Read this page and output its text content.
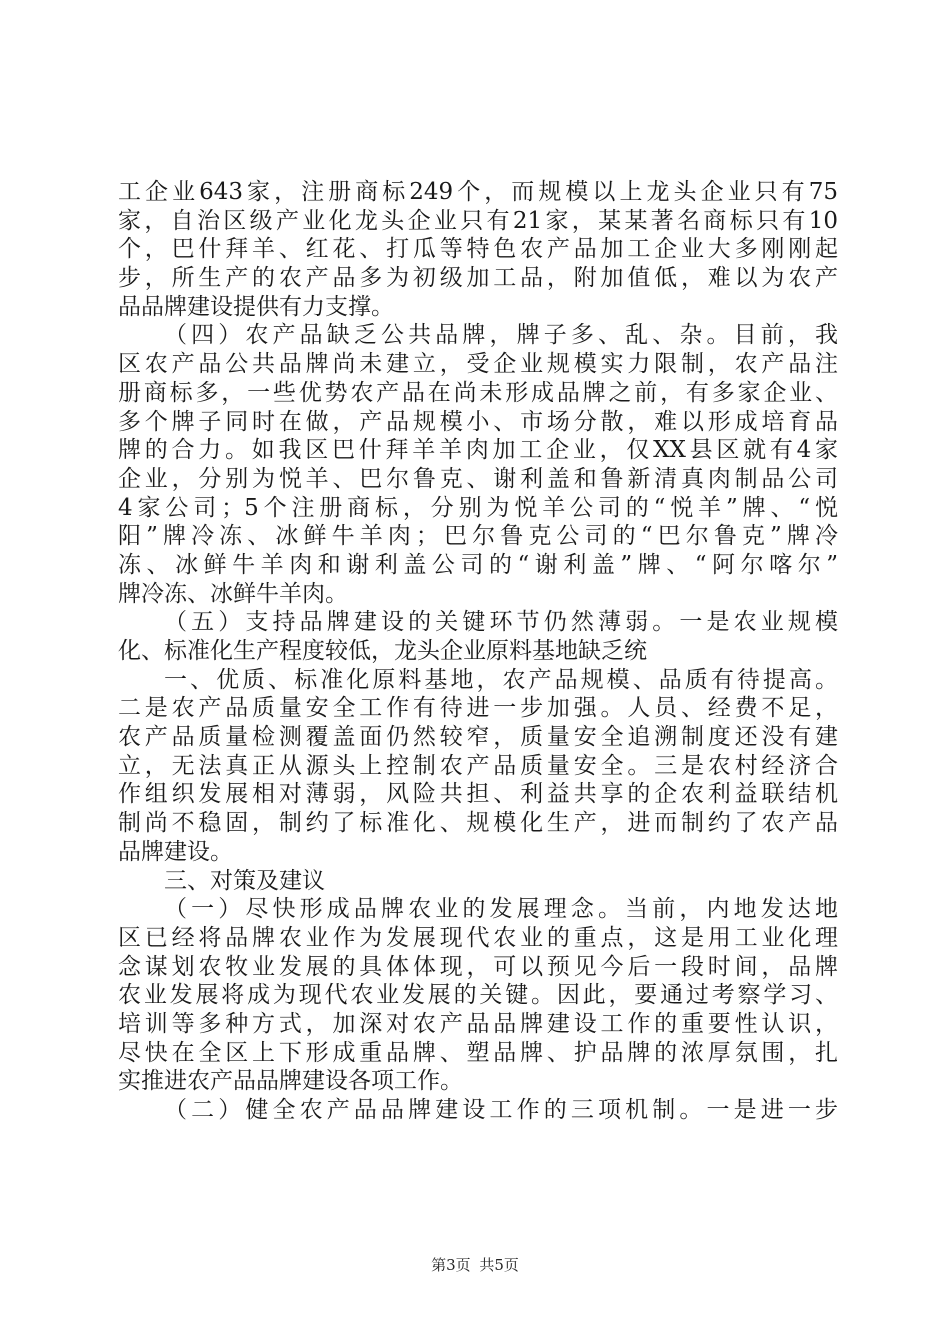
工企业643家，注册商标249个，而规模以上龙头企业只有75
家，自治区级产业化龙头企业只有21家，某某著名商标只有10
个，巴什拜羊、红花、打瓜等特色农产品加工企业大多刚刚起
步，所生产的农产品多为初级加工品，附加值低，难以为农产
品品牌建设提供有力支撑。
（四）农产品缺乏公共品牌，牌子多、乱、杂。目前，我
区农产品公共品牌尚未建立，受企业规模实力限制，农产品注
册商标多，一些优势农产品在尚未形成品牌之前，有多家企业、
多个牌子同时在做，产品规模小、市场分散，难以形成培育品
牌的合力。如我区巴什拜羊羊肉加工企业，仅XX县区就有4家
企业，分别为悦羊、巴尔鲁克、谢利盖和鲁新清真肉制品公司
4家公司；5个注册商标，分别为悦羊公司的“悦羊”牌、“悦
阳”牌冷冻、冰鲜牛羊肉；巴尔鲁克公司的“巴尔鲁克”牌冷
冻、冰鲜牛羊肉和谢利盖公司的“谢利盖”牌、“阿尔喀尔”
牌冷冻、冰鲜牛羊肉。
（五）支持品牌建设的关键环节仍然薄弱。一是农业规模
化、标准化生产程度较低，龙头企业原料基地缺乏统
一、优质、标准化原料基地，农产品规模、品质有待提高。
二是农产品质量安全工作有待进一步加强。人员、经费不足，
农产品质量检测覆盖面仍然较窄，质量安全追溯制度还没有建
立，无法真正从源头上控制农产品质量安全。三是农村经济合
作组织发展相对薄弱，风险共担、利益共享的企农利益联结机
制尚不稳固，制约了标准化、规模化生产，进而制约了农产品
品牌建设。
三、对策及建议
（一）尽快形成品牌农业的发展理念。当前，内地发达地
区已经将品牌农业作为发展现代农业的重点，这是用工业化理
念谋划农牧业发展的具体体现，可以预见今后一段时间，品牌
农业发展将成为现代农业发展的关键。因此，要通过考察学习、
培训等多种方式，加深对农产品品牌建设工作的重要性认识，
尽快在全区上下形成重品牌、塑品牌、护品牌的浓厚氛围，扎
实推进农产品品牌建设各项工作。
（二）健全农产品品牌建设工作的三项机制。一是进一步
第3页 共5页
